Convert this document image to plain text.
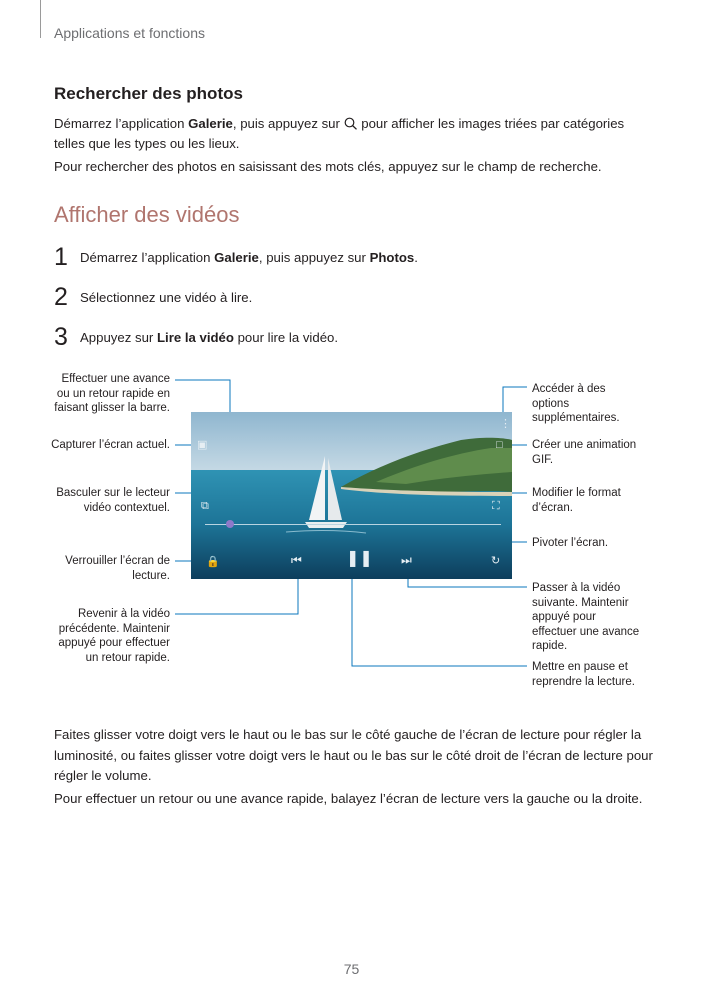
Applications et fonctions
Rechercher des photos
Démarrez l’application Galerie, puis appuyez sur  pour afficher les images triées par catégories telles que les types ou les lieux.
Pour rechercher des photos en saisissant des mots clés, appuyez sur le champ de recherche.
Afficher des vidéos
1 Démarrez l’application Galerie, puis appuyez sur Photos.
2 Sélectionnez une vidéo à lire.
3 Appuyez sur Lire la vidéo pour lire la vidéo.
Effectuer une avance ou un retour rapide en faisant glisser la barre.
Capturer l’écran actuel.
Basculer sur le lecteur vidéo contextuel.
Verrouiller l’écran de lecture.
Revenir à la vidéo précédente. Maintenir appuyé pour effectuer un retour rapide.
Accéder à des options supplémentaires.
Créer une animation GIF.
Modifier le format d’écran.
Pivoter l’écran.
Passer à la vidéo suivante. Maintenir appuyé pour effectuer une avance rapide.
Mettre en pause et reprendre la lecture.
⋮
▣	□
⧉	⛶
🔒	↻
⏮	❚❚ ⏭
Faites glisser votre doigt vers le haut ou le bas sur le côté gauche de l’écran de lecture pour régler la luminosité, ou faites glisser votre doigt vers le haut ou le bas sur le côté droit de l’écran de lecture pour régler le volume.
Pour effectuer un retour ou une avance rapide, balayez l’écran de lecture vers la gauche ou la droite.
75
